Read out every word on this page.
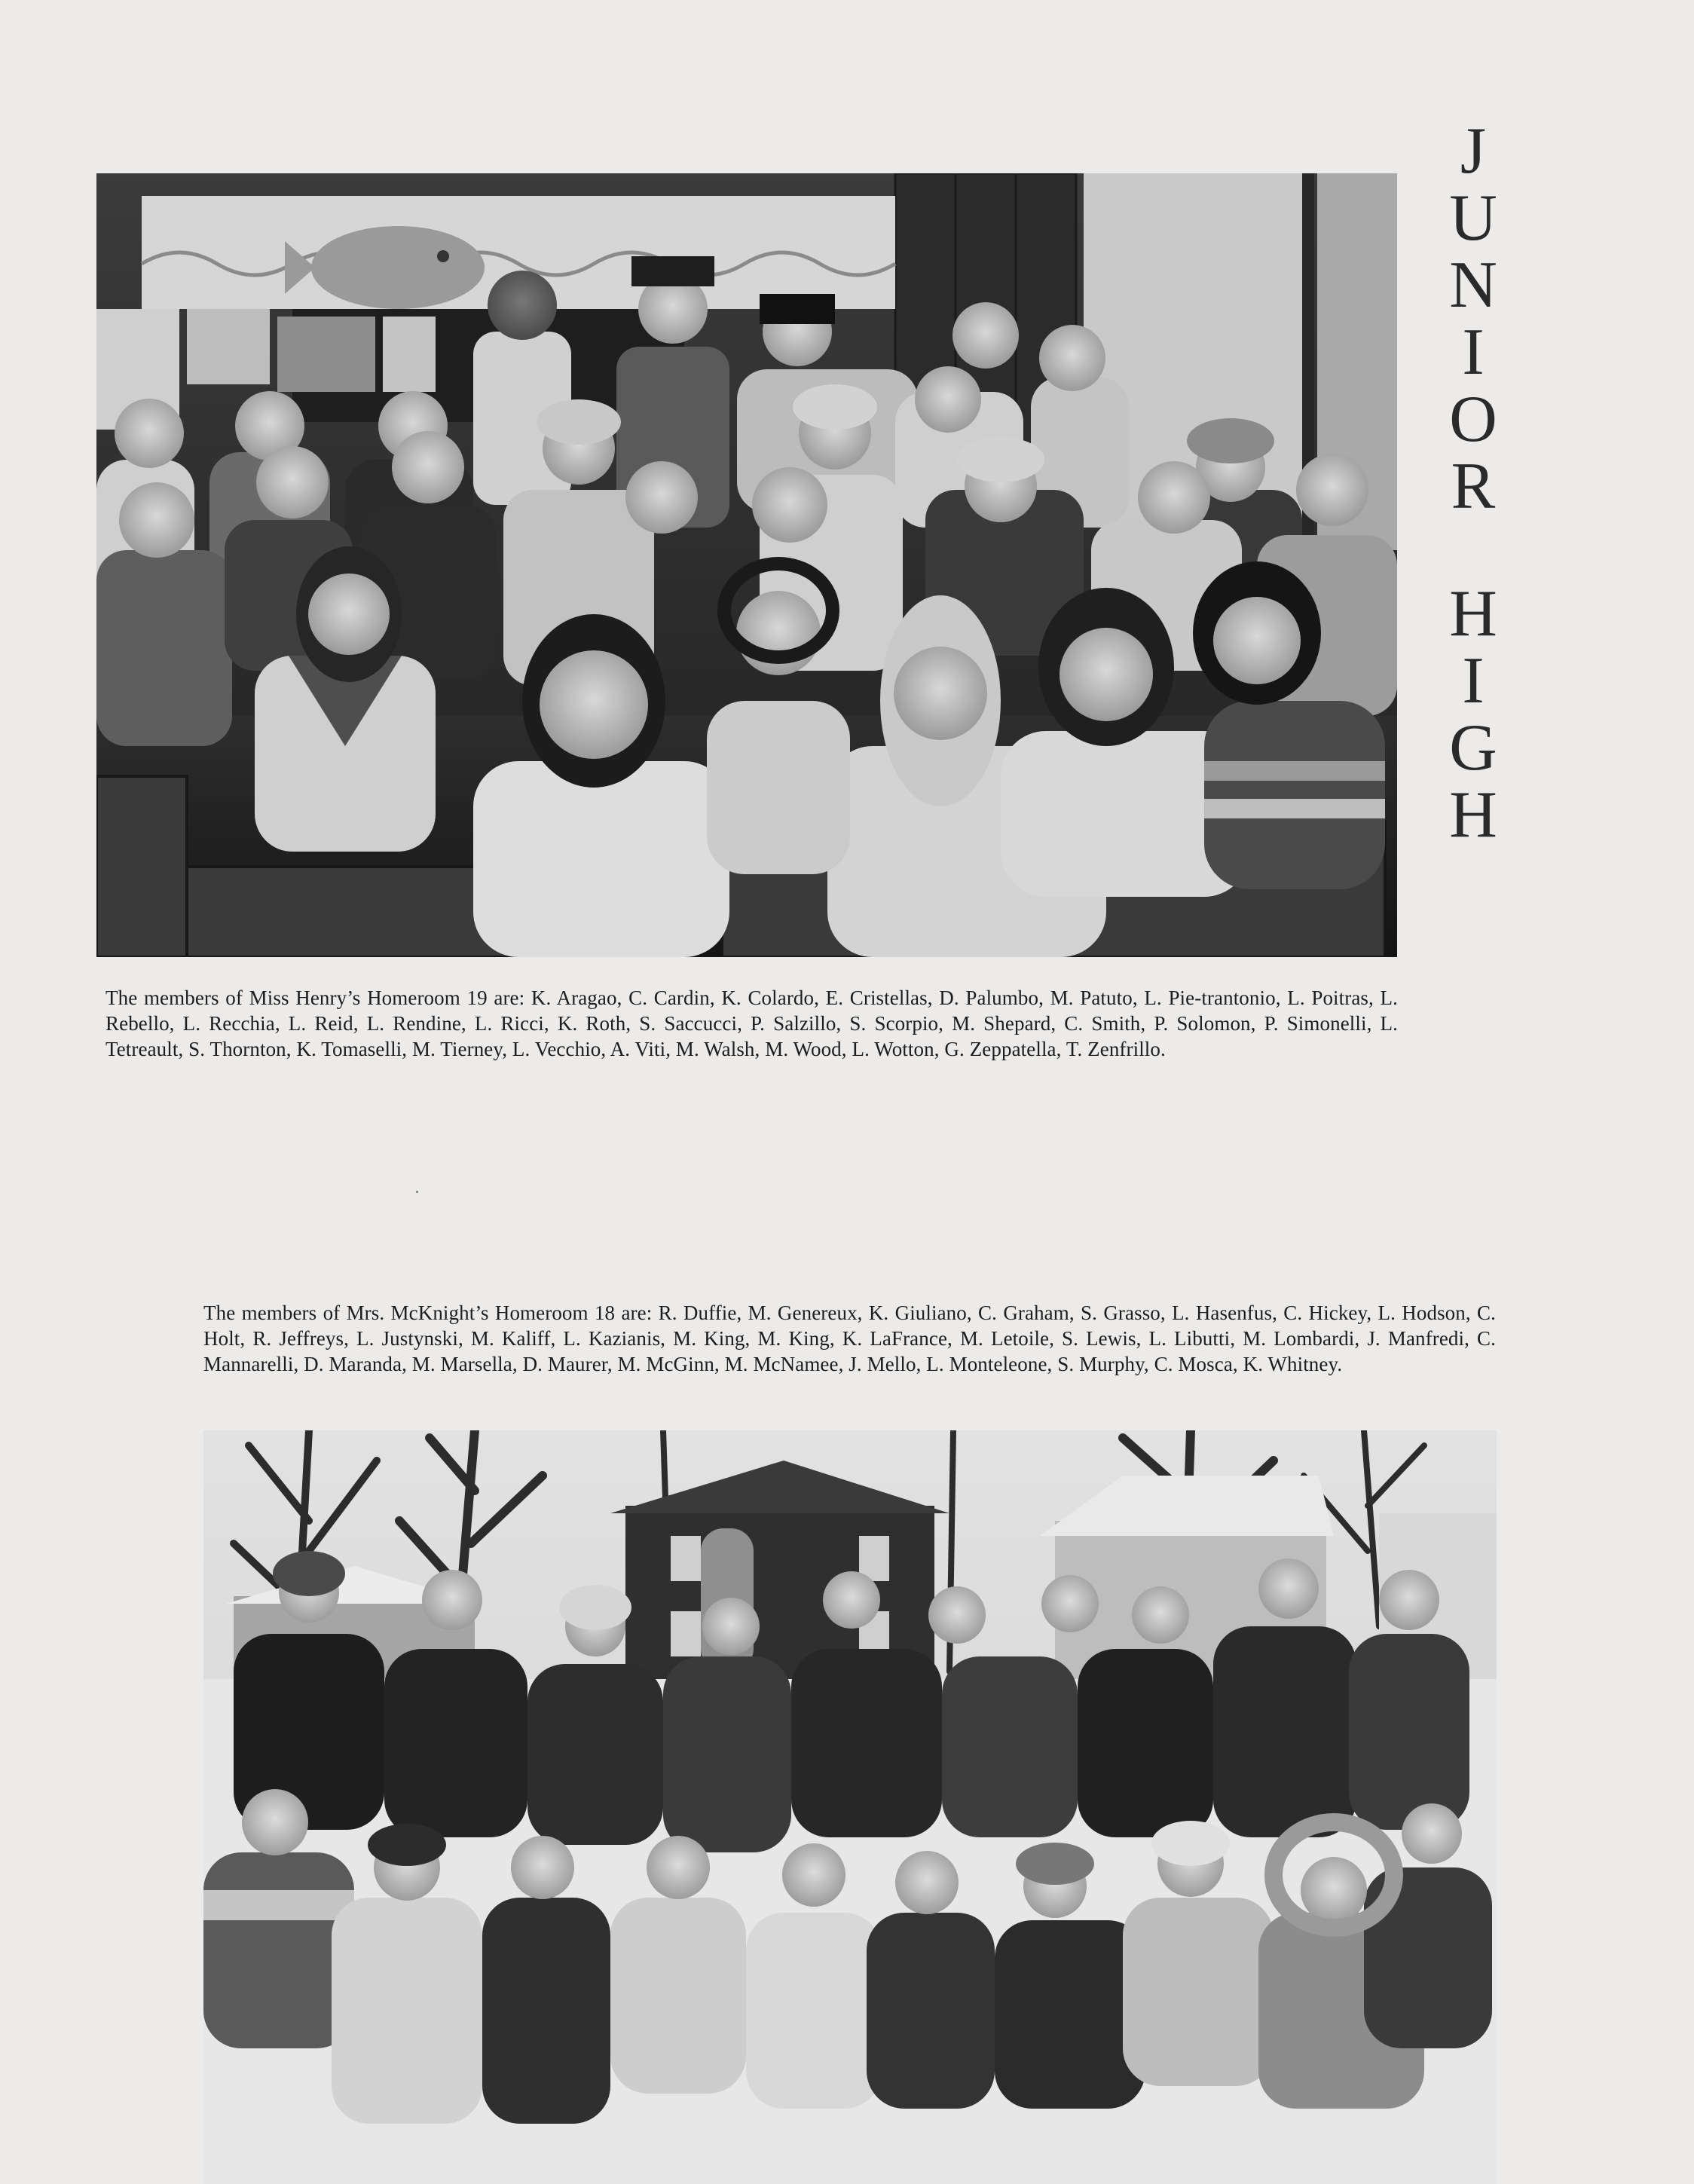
J
U
N
I
O
R
H
I
G
H

The members of Miss Henry’s Homeroom 19 are: K. Aragao, C. Cardin, K. Colardo, E. Cristellas, D. Palumbo, M. Patuto, L. Pie-trantonio, L. Poitras, L. Rebello, L. Recchia, L. Reid, L. Rendine, L. Ricci, K. Roth, S. Saccucci, P. Salzillo, S. Scorpio, M. Shepard, C. Smith, P. Solomon, P. Simonelli, L. Tetreault, S. Thornton, K. Tomaselli, M. Tierney, L. Vecchio, A. Viti, M. Walsh, M. Wood, L. Wotton, G. Zeppatella, T. Zenfrillo.

The members of Mrs. McKnight’s Homeroom 18 are: R. Duffie, M. Genereux, K. Giuliano, C. Graham, S. Grasso, L. Hasenfus, C. Hickey, L. Hodson, C. Holt, R. Jeffreys, L. Justynski, M. Kaliff, L. Kazianis, M. King, M. King, K. LaFrance, M. Letoile, S. Lewis, L. Libutti, M. Lombardi, J. Manfredi, C. Mannarelli, D. Maranda, M. Marsella, D. Maurer, M. McGinn, M. McNamee, J. Mello, L. Monteleone, S. Murphy, C. Mosca, K. Whitney.
